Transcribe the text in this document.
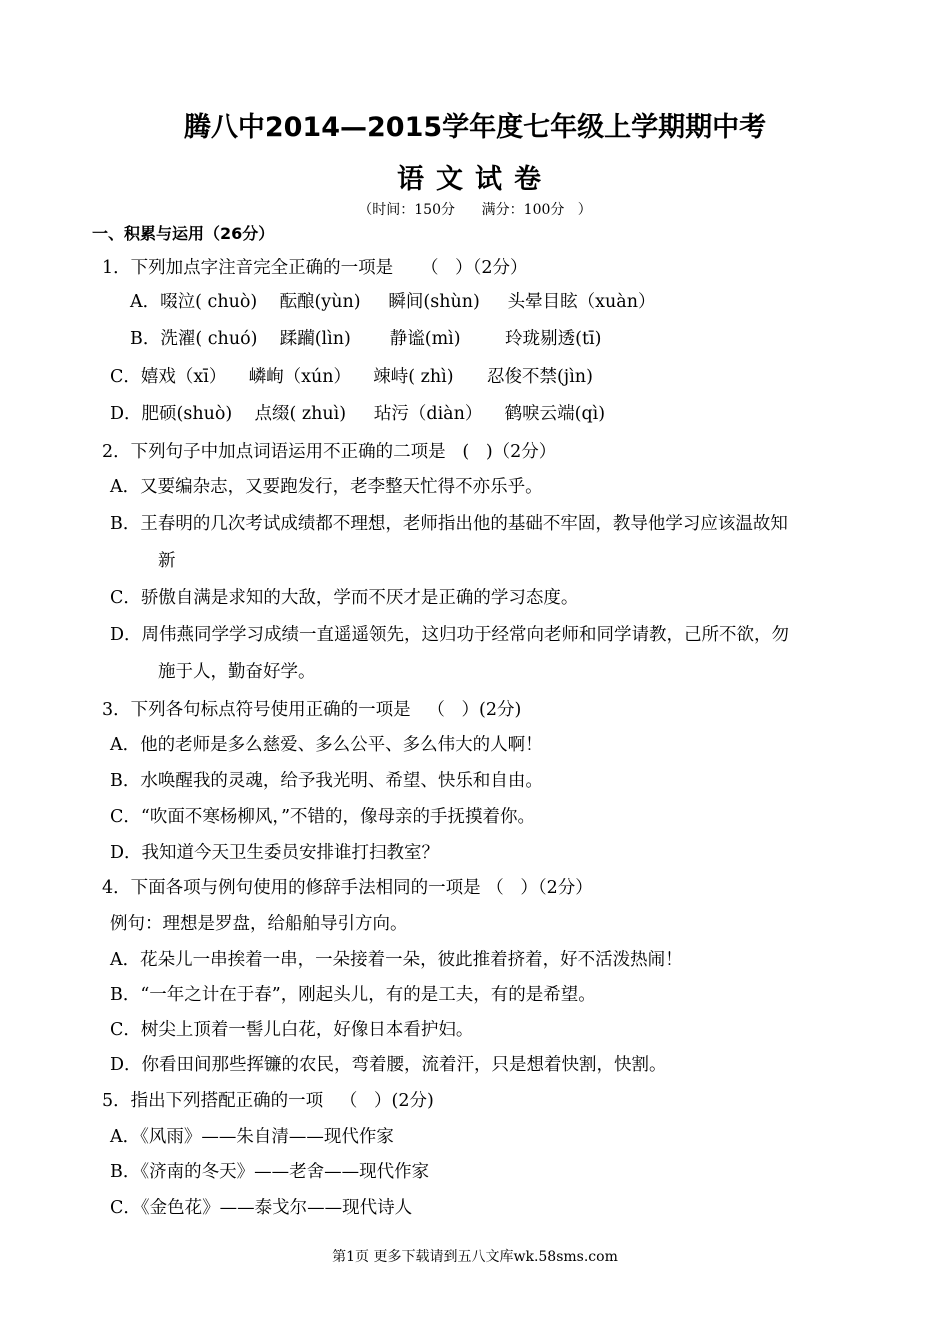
腾八中2014—2015学年度七年级上学期期中考
语文试卷
（时间：150分      满分：100分   ）
一、积累与运用（26分）
1．下列加点字注音完全正确的一项是     （   ）（2分）
A．啜泣( chuò)    酝酿(yùn)     瞬间(shùn)     头晕目眩（xuàn）
B．洗濯( chuó)    蹂躏(lìn)       静谧(mì)        玲珑剔透(tī)
C．嬉戏（xī）    嶙峋（xún）    竦峙( zhì)      忍俊不禁(jìn)
D．肥硕(shuò)    点缀( zhuì)     玷污（diàn）    鹤唳云端(qì)
2．下列句子中加点词语运用不正确的二项是   (   )（2分）
A．又要编杂志，又要跑发行，老李整天忙得不亦乐乎。
B．王春明的几次考试成绩都不理想，老师指出他的基础不牢固，教导他学习应该温故知
新
C．骄傲自满是求知的大敌，学而不厌才是正确的学习态度。
D．周伟燕同学学习成绩一直遥遥领先，这归功于经常向老师和同学请教，己所不欲，勿
施于人，勤奋好学。
3．下列各句标点符号使用正确的一项是   （   ）(2分)
A．他的老师是多么慈爱、多么公平、多么伟大的人啊！
B．水唤醒我的灵魂，给予我光明、希望、快乐和自由。
C．“吹面不寒杨柳风，”不错的，像母亲的手抚摸着你。
D．我知道今天卫生委员安排谁打扫教室？
4．下面各项与例句使用的修辞手法相同的一项是 （   ）（2分）
例句：理想是罗盘，给船舶导引方向。
A．花朵儿一串挨着一串，一朵接着一朵，彼此推着挤着，好不活泼热闹！
B．“一年之计在于春”，刚起头儿，有的是工夫，有的是希望。
C．树尖上顶着一髻儿白花，好像日本看护妇。
D．你看田间那些挥镰的农民，弯着腰，流着汗，只是想着快割，快割。
5．指出下列搭配正确的一项   （   ）(2分)
A．《风雨》——朱自清——现代作家
B．《济南的冬天》——老舍——现代作家
C．《金色花》——泰戈尔——现代诗人
第1页 更多下载请到五八文库wk.58sms.com
